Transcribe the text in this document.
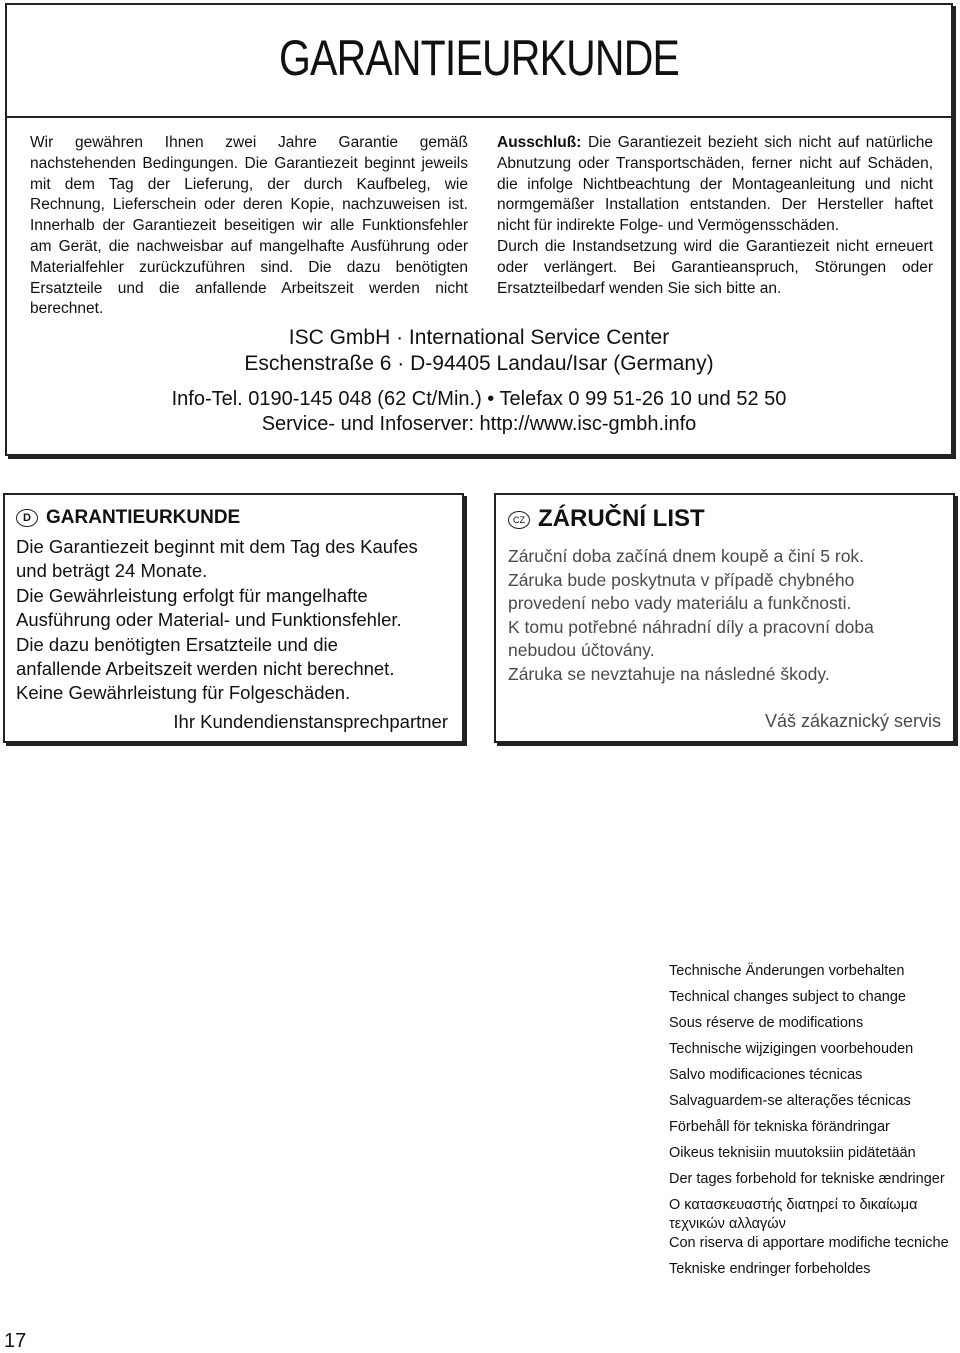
GARANTIEURKUNDE
Wir gewähren Ihnen zwei Jahre Garantie gemäß nachstehenden Bedingungen. Die Garantiezeit beginnt jeweils mit dem Tag der Lieferung, der durch Kaufbeleg, wie Rechnung, Lieferschein oder deren Kopie, nachzuweisen ist. Innerhalb der Garantiezeit beseitigen wir alle Funktionsfehler am Gerät, die nachweisbar auf mangelhafte Ausführung oder Materialfehler zurückzuführen sind. Die dazu benötigten Ersatzteile und die anfallende Arbeitszeit werden nicht berechnet.
Ausschluß: Die Garantiezeit bezieht sich nicht auf natürliche Abnutzung oder Transportschäden, ferner nicht auf Schäden, die infolge Nichtbeachtung der Montageanleitung und nicht normgemäßer Installation entstanden. Der Hersteller haftet nicht für indirekte Folge- und Vermögensschäden.
Durch die Instandsetzung wird die Garantiezeit nicht erneuert oder verlängert. Bei Garantieanspruch, Störungen oder Ersatzteilbedarf wenden Sie sich bitte an.
ISC GmbH · International Service Center
Eschenstraße 6 · D-94405 Landau/Isar (Germany)
Info-Tel. 0190-145 048 (62 Ct/Min.) • Telefax 0 99 51-26 10 und 52 50
Service- und Infoserver: http://www.isc-gmbh.info
D GARANTIEURKUNDE
Die Garantiezeit beginnt mit dem Tag des Kaufes
und beträgt 24 Monate.
Die Gewährleistung erfolgt für mangelhafte
Ausführung oder Material- und Funktionsfehler.
Die dazu benötigten Ersatzteile und die
anfallende Arbeitszeit werden nicht berechnet.
Keine Gewährleistung für Folgeschäden.
Ihr Kundendienstansprechpartner
CZ ZÁRUČNÍ LIST
Záruční doba začíná dnem koupě a činí 5 rok.
Záruka bude poskytnuta v případě chybného
provedení nebo vady materiálu a funkčnosti.
K tomu potřebné náhradní díly a pracovní doba
nebudou účtovány.
Záruka se nevztahuje na následné škody.
Váš zákaznický servis
Technische Änderungen vorbehalten
Technical changes subject to change
Sous réserve de modifications
Technische wijzigingen voorbehouden
Salvo modificaciones técnicas
Salvaguardem-se alterações técnicas
Förbehåll för tekniska förändringar
Oikeus teknisiin muutoksiin pidätetään
Der tages forbehold for tekniske ændringer
Ο κατασκευαστής διατηρεί το δικαίωμα
τεχνικών αλλαγών
Con riserva di apportare modifiche tecniche
Tekniske endringer forbeholdes
17
